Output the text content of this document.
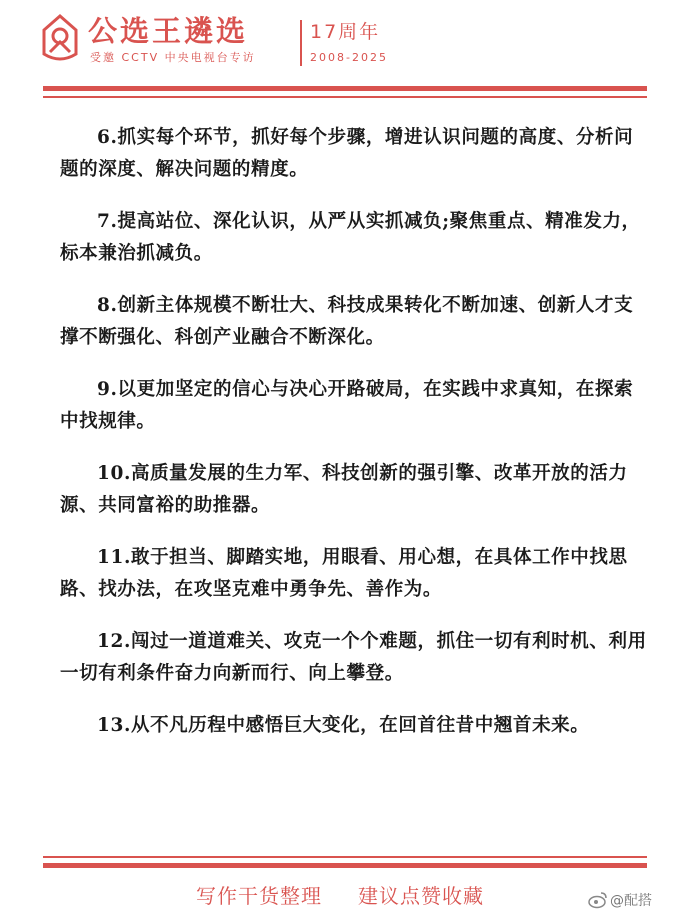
公选王遴选
受邀 CCTV 中央电视台专访
17周年
2008-2025

6.抓实每个环节，抓好每个步骤，增进认识问题的高度、分析问题的深度、解决问题的精度。

7.提高站位、深化认识，从严从实抓减负;聚焦重点、精准发力，标本兼治抓减负。

8.创新主体规模不断壮大、科技成果转化不断加速、创新人才支撑不断强化、科创产业融合不断深化。

9.以更加坚定的信心与决心开路破局，在实践中求真知，在探索中找规律。

10.高质量发展的生力军、科技创新的强引擎、改革开放的活力源、共同富裕的助推器。

11.敢于担当、脚踏实地，用眼看、用心想，在具体工作中找思路、找办法，在攻坚克难中勇争先、善作为。

12.闯过一道道难关、攻克一个个难题，抓住一切有利时机、利用一切有利条件奋力向新而行、向上攀登。

13.从不凡历程中感悟巨大变化，在回首往昔中翘首未来。

写作干货整理 建议点赞收藏	@配搭
